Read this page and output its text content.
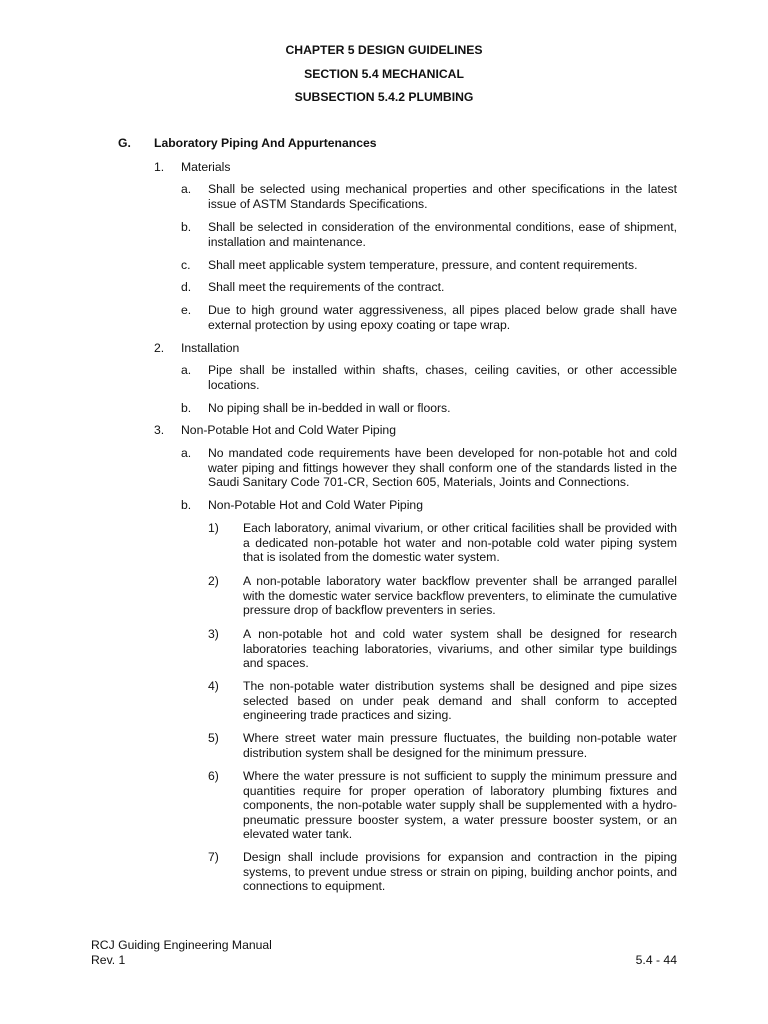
CHAPTER 5 DESIGN GUIDELINES
SECTION 5.4 MECHANICAL
SUBSECTION 5.4.2 PLUMBING
G. Laboratory Piping And Appurtenances
1. Materials
a. Shall be selected using mechanical properties and other specifications in the latest issue of ASTM Standards Specifications.
b. Shall be selected in consideration of the environmental conditions, ease of shipment, installation and maintenance.
c. Shall meet applicable system temperature, pressure, and content requirements.
d. Shall meet the requirements of the contract.
e. Due to high ground water aggressiveness, all pipes placed below grade shall have external protection by using epoxy coating or tape wrap.
2. Installation
a. Pipe shall be installed within shafts, chases, ceiling cavities, or other accessible locations.
b. No piping shall be in-bedded in wall or floors.
3. Non-Potable Hot and Cold Water Piping
a. No mandated code requirements have been developed for non-potable hot and cold water piping and fittings however they shall conform one of the standards listed in the Saudi Sanitary Code 701-CR, Section 605, Materials, Joints and Connections.
b. Non-Potable Hot and Cold Water Piping
1) Each laboratory, animal vivarium, or other critical facilities shall be provided with a dedicated non-potable hot water and non-potable cold water piping system that is isolated from the domestic water system.
2) A non-potable laboratory water backflow preventer shall be arranged parallel with the domestic water service backflow preventers, to eliminate the cumulative pressure drop of backflow preventers in series.
3) A non-potable hot and cold water system shall be designed for research laboratories teaching laboratories, vivariums, and other similar type buildings and spaces.
4) The non-potable water distribution systems shall be designed and pipe sizes selected based on under peak demand and shall conform to accepted engineering trade practices and sizing.
5) Where street water main pressure fluctuates, the building non-potable water distribution system shall be designed for the minimum pressure.
6) Where the water pressure is not sufficient to supply the minimum pressure and quantities require for proper operation of laboratory plumbing fixtures and components, the non-potable water supply shall be supplemented with a hydro-pneumatic pressure booster system, a water pressure booster system, or an elevated water tank.
7) Design shall include provisions for expansion and contraction in the piping systems, to prevent undue stress or strain on piping, building anchor points, and connections to equipment.
RCJ Guiding Engineering Manual
Rev. 1	5.4 - 44
